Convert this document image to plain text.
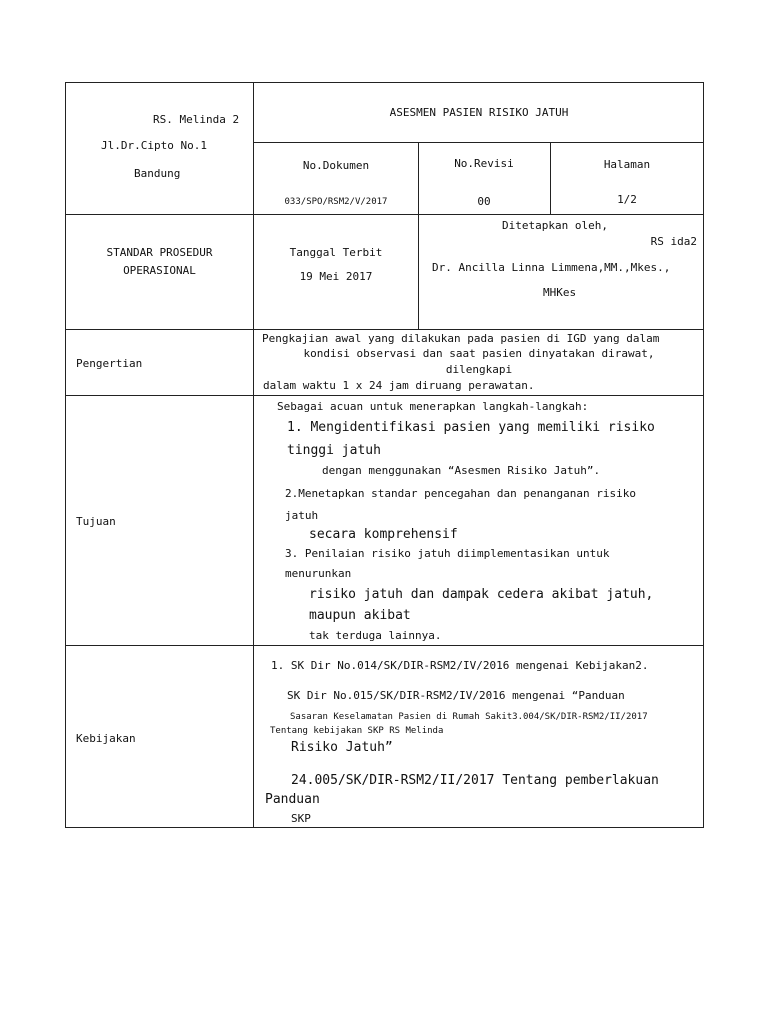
RS. Melinda 2
Jl.Dr.Cipto No.1
Bandung
ASESMEN PASIEN RISIKO JATUH
No.Dokumen
033/SPO/RSM2/V/2017
No.Revisi
00
Halaman
1/2
STANDAR PROSEDUR
OPERASIONAL
Tanggal Terbit
19 Mei 2017
Ditetapkan oleh,
RS ida2
Dr. Ancilla Linna Limmena,MM.,Mkes.,
MHKes
Pengertian
Pengkajian awal yang dilakukan pada pasien di IGD yang dalam
kondisi observasi dan saat pasien dinyatakan dirawat,
dilengkapi
dalam waktu 1 x 24 jam diruang perawatan.
Tujuan
Sebagai acuan untuk menerapkan langkah-langkah:
1. Mengidentifikasi pasien yang memiliki risiko
tinggi jatuh
dengan menggunakan “Asesmen Risiko Jatuh”.
2.Menetapkan standar pencegahan dan penanganan risiko
jatuh
secara komprehensif
3. Penilaian risiko jatuh diimplementasikan untuk
menurunkan
risiko jatuh dan dampak cedera akibat jatuh,
maupun akibat
tak terduga lainnya.
Kebijakan
1. SK Dir No.014/SK/DIR-RSM2/IV/2016 mengenai Kebijakan2.
SK Dir No.015/SK/DIR-RSM2/IV/2016 mengenai “Panduan
Sasaran Keselamatan Pasien di Rumah Sakit3.004/SK/DIR-RSM2/II/2017
Tentang kebijakan SKP RS Melinda
Risiko Jatuh”
24.005/SK/DIR-RSM2/II/2017 Tentang pemberlakuan
Panduan
SKP
